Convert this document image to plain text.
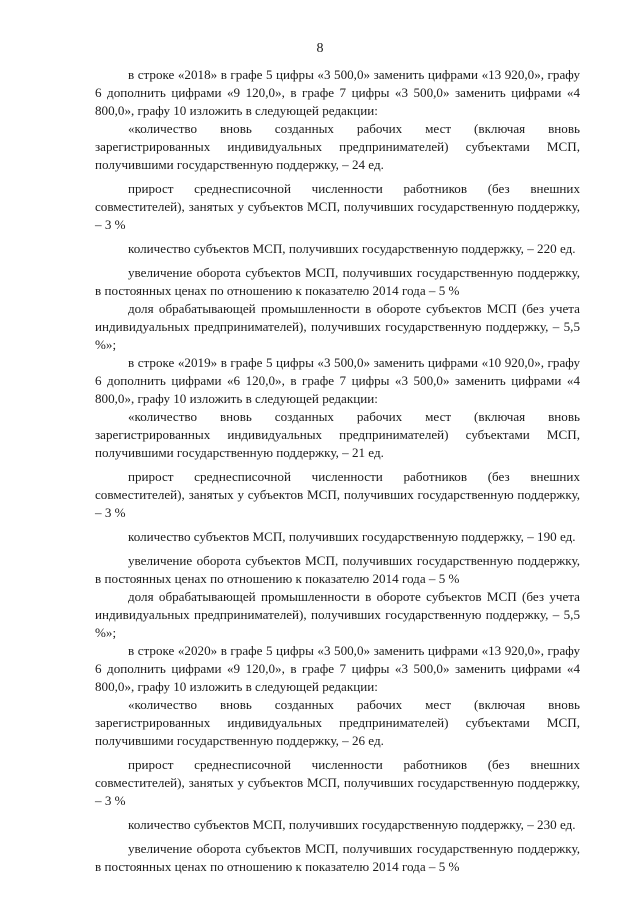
8

в строке «2018» в графе 5 цифры «3 500,0» заменить цифрами «13 920,0», графу 6 дополнить цифрами «9 120,0», в графе 7 цифры «3 500,0» заменить цифрами «4 800,0», графу 10 изложить в следующей редакции:

«количество вновь созданных рабочих мест (включая вновь зарегистрированных индивидуальных предпринимателей) субъектами МСП, получившими государственную поддержку, – 24 ед.

прирост среднесписочной численности работников (без внешних совместителей), занятых у субъектов МСП, получивших государственную поддержку, – 3 %

количество субъектов МСП, получивших государственную поддержку, – 220 ед.

увеличение оборота субъектов МСП, получивших государственную поддержку, в постоянных ценах по отношению к показателю 2014 года – 5 %

доля обрабатывающей промышленности в обороте субъектов МСП (без учета индивидуальных предпринимателей), получивших государственную поддержку, – 5,5 %»;

в строке «2019» в графе 5 цифры «3 500,0» заменить цифрами «10 920,0», графу 6 дополнить цифрами «6 120,0», в графе 7 цифры «3 500,0» заменить цифрами «4 800,0», графу 10 изложить в следующей редакции:

«количество вновь созданных рабочих мест (включая вновь зарегистрированных индивидуальных предпринимателей) субъектами МСП, получившими государственную поддержку, – 21 ед.

прирост среднесписочной численности работников (без внешних совместителей), занятых у субъектов МСП, получивших государственную поддержку, – 3 %

количество субъектов МСП, получивших государственную поддержку, – 190 ед.

увеличение оборота субъектов МСП, получивших государственную поддержку, в постоянных ценах по отношению к показателю 2014 года – 5 %

доля обрабатывающей промышленности в обороте субъектов МСП (без учета индивидуальных предпринимателей), получивших государственную поддержку, – 5,5 %»;

в строке «2020» в графе 5 цифры «3 500,0» заменить цифрами «13 920,0», графу 6 дополнить цифрами «9 120,0», в графе 7 цифры «3 500,0» заменить цифрами «4 800,0», графу 10 изложить в следующей редакции:

«количество вновь созданных рабочих мест (включая вновь зарегистрированных индивидуальных предпринимателей) субъектами МСП, получившими государственную поддержку, – 26 ед.

прирост среднесписочной численности работников (без внешних совместителей), занятых у субъектов МСП, получивших государственную поддержку, – 3 %

количество субъектов МСП, получивших государственную поддержку, – 230 ед.

увеличение оборота субъектов МСП, получивших государственную поддержку, в постоянных ценах по отношению к показателю 2014 года – 5 %
